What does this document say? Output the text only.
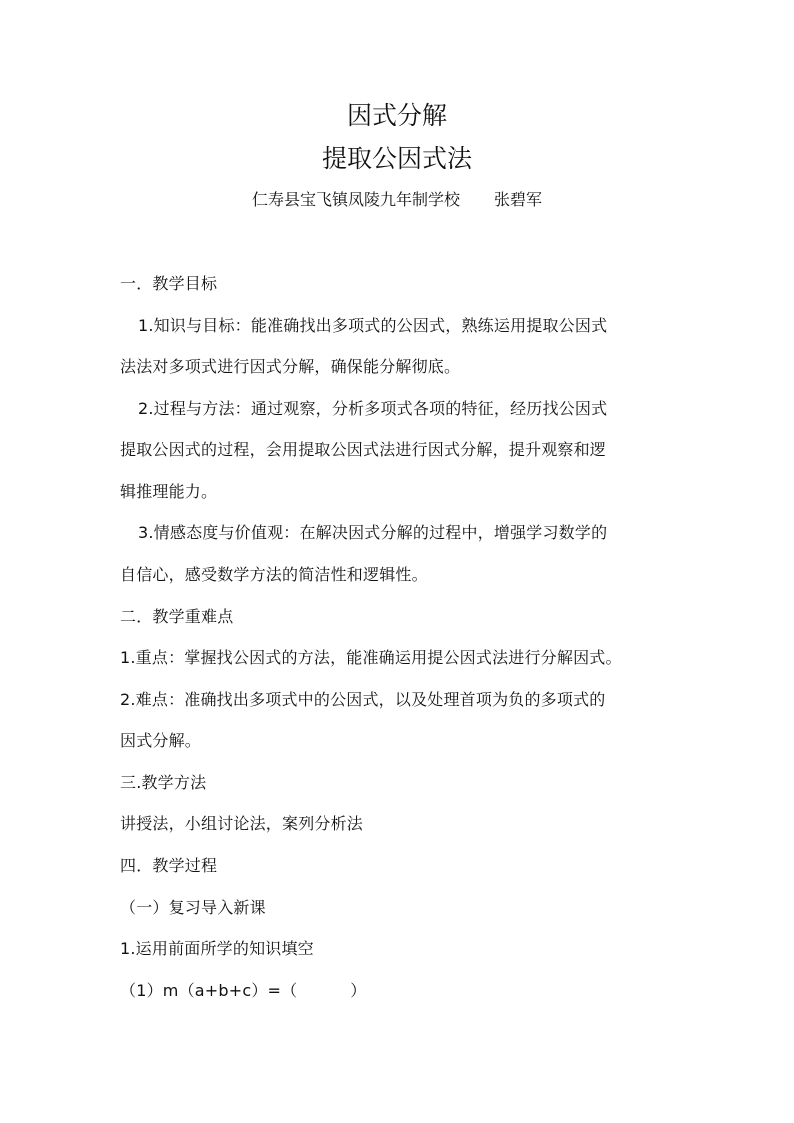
因式分解
提取公因式法
仁寿县宝飞镇凤陵九年制学校 张碧军
一．教学目标
1.知识与目标：能准确找出多项式的公因式，熟练运用提取公因式
法法对多项式进行因式分解，确保能分解彻底。
2.过程与方法：通过观察，分析多项式各项的特征，经历找公因式
提取公因式的过程，会用提取公因式法进行因式分解，提升观察和逻
辑推理能力。
3.情感态度与价值观：在解决因式分解的过程中，增强学习数学的
自信心，感受数学方法的简洁性和逻辑性。
二．教学重难点
1.重点：掌握找公因式的方法，能准确运用提公因式法进行分解因式。
2.难点：准确找出多项式中的公因式，以及处理首项为负的多项式的
因式分解。
三.教学方法
讲授法，小组讨论法，案列分析法
四．教学过程
（一）复习导入新课
1.运用前面所学的知识填空
（1）m（a+b+c）=（          ）
